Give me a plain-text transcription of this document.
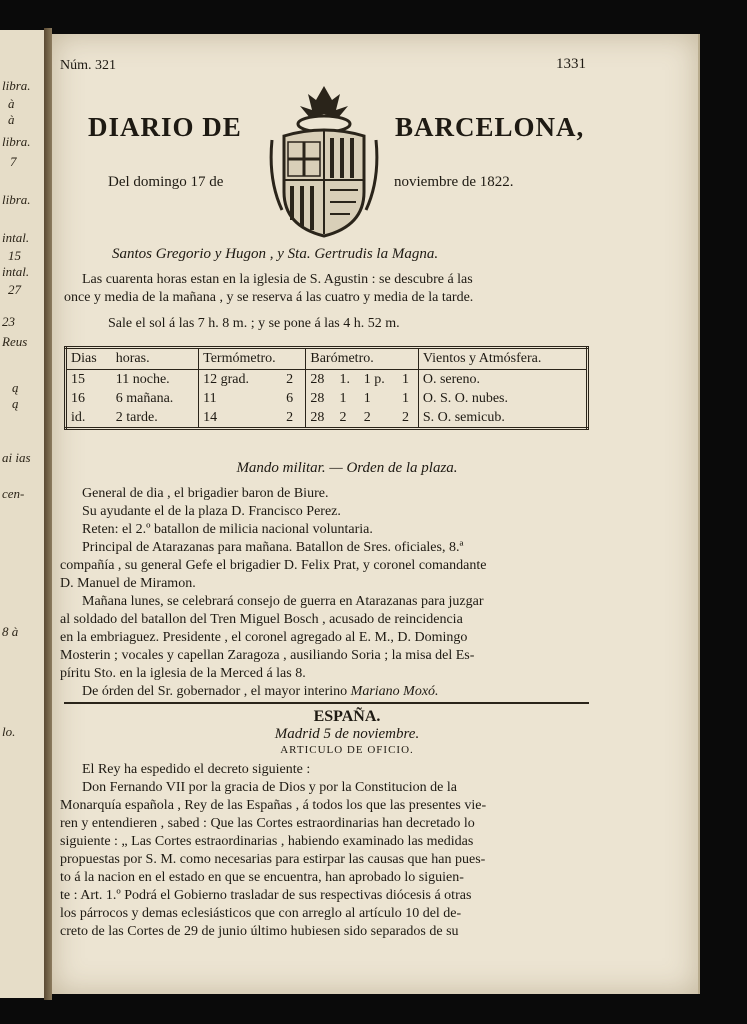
libra.
à
à
libra.
7
libra.
intal.
15
intal.
27
23
Reus
ą
ą
ai ias
cen-
8 à
lo.
Núm. 321	1331
DIARIO DE	BARCELONA,
Del domingo 17 de	noviembre de 1822.
Santos Gregorio y Hugon , y Sta. Gertrudis la Magna.
Las cuarenta horas estan en la iglesia de S. Agustin : se descubre á las
once y media de la mañana , y se reserva á las cuatro y media de la tarde.
Sale el sol á las 7 h. 8 m. ; y se pone á las 4 h. 52 m.
Dias	horas.	Termómetro.		Barómetro.				Vientos y Atmósfera.
15	11 noche.	12 grad.	2	28	1.	1 p.	1	O. sereno.
16	6 mañana.	11	6	28	1	1	1	O. S. O. nubes.
id.	2 tarde.	14	2	28	2	2	2	S. O. semicub.
Mando militar. — Orden de la plaza.
General de dia , el brigadier baron de Biure.
Su ayudante el de la plaza D. Francisco Perez.
Reten: el 2.º batallon de milicia nacional voluntaria.
Principal de Atarazanas para mañana. Batallon de Sres. oficiales, 8.ª
compañía , su general Gefe el brigadier D. Felix Prat, y coronel comandante
D. Manuel de Miramon.
Mañana lunes, se celebrará consejo de guerra en Atarazanas para juzgar
al soldado del batallon del Tren Miguel Bosch , acusado de reincidencia
en la embriaguez. Presidente , el coronel agregado al E. M., D. Domingo
Mosterin ; vocales y capellan Zaragoza , ausiliando Soria ; la misa del Es-
píritu Sto. en la iglesia de la Merced á las 8.
De órden del Sr. gobernador , el mayor interino Mariano Moxó.
ESPAÑA.
Madrid 5 de noviembre.
ARTICULO DE OFICIO.
El Rey ha espedido el decreto siguiente :
Don Fernando VII por la gracia de Dios y por la Constitucion de la
Monarquía española , Rey de las Españas , á todos los que las presentes vie-
ren y entendieren , sabed : Que las Cortes estraordinarias han decretado lo
siguiente : „ Las Cortes estraordinarias , habiendo examinado las medidas
propuestas por S. M. como necesarias para estirpar las causas que han pues-
to á la nacion en el estado en que se encuentra, han aprobado lo siguien-
te : Art. 1.º Podrá el Gobierno trasladar de sus respectivas diócesis á otras
los párrocos y demas eclesiásticos que con arreglo al artículo 10 del de-
creto de las Cortes de 29 de junio último hubiesen sido separados de su
